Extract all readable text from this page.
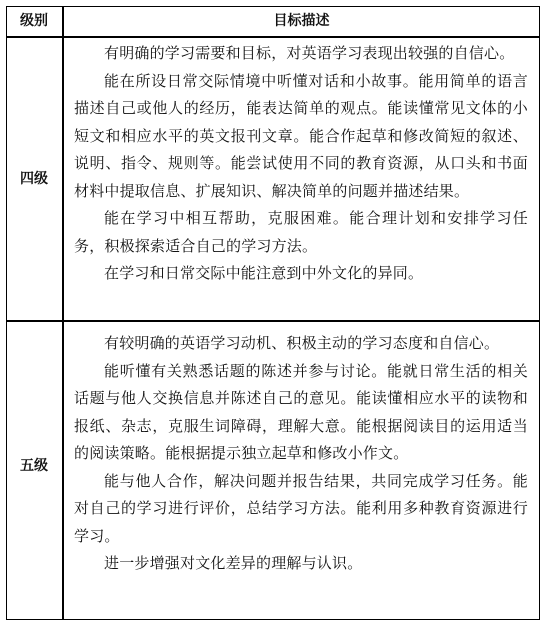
级别	目标描述
四级

有明确的学习需要和目标，对英语学习表现出较强的自信心。

能在所设日常交际情境中听懂对话和小故事。能用简单的语言描述自己或他人的经历，能表达简单的观点。能读懂常见文体的小短文和相应水平的英文报刊文章。能合作起草和修改简短的叙述、说明、指令、规则等。能尝试使用不同的教育资源，从口头和书面材料中提取信息、扩展知识、解决简单的问题并描述结果。

能在学习中相互帮助，克服困难。能合理计划和安排学习任务，积极探索适合自己的学习方法。

在学习和日常交际中能注意到中外文化的异同。

五级

有较明确的英语学习动机、积极主动的学习态度和自信心。

能听懂有关熟悉话题的陈述并参与讨论。能就日常生活的相关话题与他人交换信息并陈述自己的意见。能读懂相应水平的读物和报纸、杂志，克服生词障碍，理解大意。能根据阅读目的运用适当的阅读策略。能根据提示独立起草和修改小作文。

能与他人合作，解决问题并报告结果，共同完成学习任务。能对自己的学习进行评价，总结学习方法。能利用多种教育资源进行学习。

进一步增强对文化差异的理解与认识。
